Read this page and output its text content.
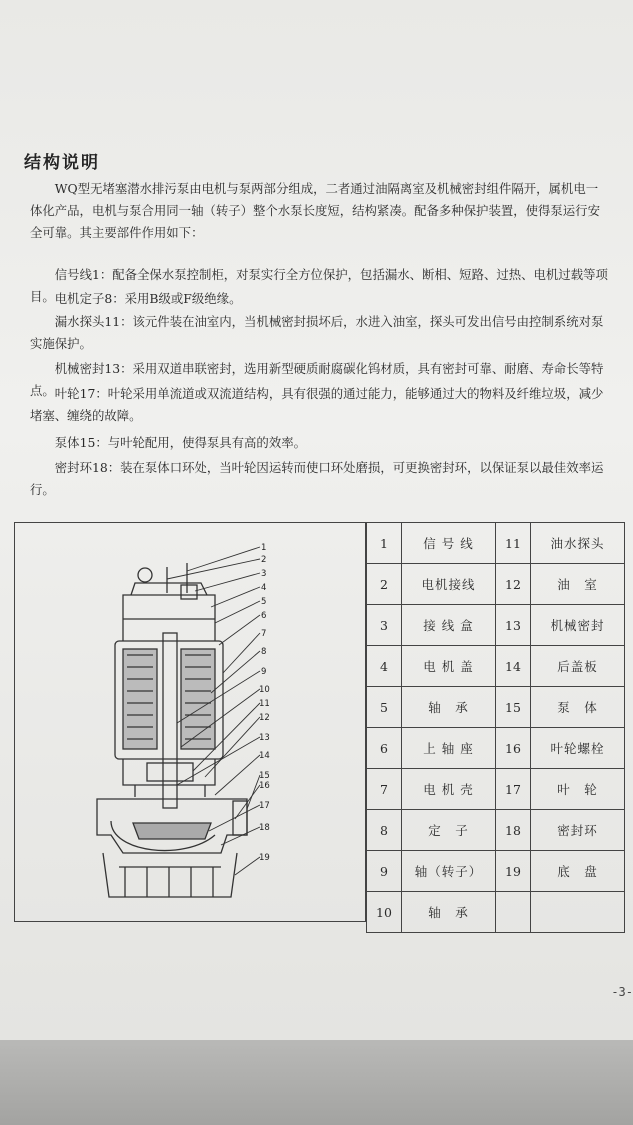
结构说明

WQ型无堵塞潜水排污泵由电机与泵两部分组成，二者通过油隔离室及机械密封组件隔开，属机电一体化产品，电机与泵合用同一轴（转子）整个水泵长度短，结构紧凑。配备多种保护装置，使得泵运行安全可靠。其主要部件作用如下：

信号线1：配备全保水泵控制柜，对泵实行全方位保护，包括漏水、断相、短路、过热、电机过载等项目。 电机定子8：采用B级或F级绝缘。

漏水探头11：该元件装在油室内，当机械密封损坏后，水进入油室，探头可发出信号由控制系统对泵实施保护。

机械密封13：采用双道串联密封，选用新型硬质耐腐碳化钨材质，具有密封可靠、耐磨、寿命长等特点。 叶轮17：叶轮采用单流道或双流道结构，具有很强的通过能力，能够通过大的物料及纤维垃圾，减少堵塞、缠绕的故障。

泵体15：与叶轮配用，使得泵具有高的效率。

密封环18：装在泵体口环处，当叶轮因运转而使口环处磨损，可更换密封环，以保证泵以最佳效率运行。

1
2
3
4
5
6
7
8
9
10
11
12
13
14
15
16
17
18
19
1	信 号 线	11	油水探头
2	电机接线	12	油　室
3	接 线 盒	13	机械密封
4	电 机 盖	14	后盖板
5	轴　承	15	泵　体
6	上 轴 座	16	叶轮螺栓
7	电 机 壳	17	叶　轮
8	定　子	18	密封环
9	轴（转子）	19	底　盘
10	轴　承		
-3-
